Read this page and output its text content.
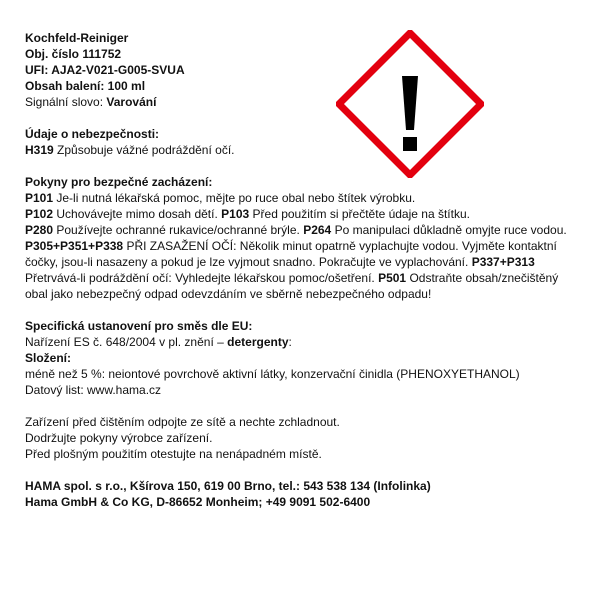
Kochfeld-Reiniger

Obj. číslo 111752

UFI: AJA2-V021-G005-SVUA

Obsah balení: 100 ml

Signální slovo: Varování

Údaje o nebezpečnosti:

H319 Způsobuje vážné podráždění očí.

Pokyny pro bezpečné zacházení:

P101 Je-li nutná lékařská pomoc, mějte po ruce obal nebo štítek výrobku.

P102 Uchovávejte mimo dosah dětí. P103 Před použitím si přečtěte údaje na štítku.

P280 Používejte ochranné rukavice/ochranné brýle. P264 Po manipulaci důkladně omyjte ruce vodou. P305+P351+P338 PŘI ZASAŽENÍ OČÍ: Několik minut opatrně vyplachujte vodou. Vyjměte kontaktní čočky, jsou-li nasazeny a pokud je lze vyjmout snadno. Pokračujte ve vyplachování. P337+P313 Přetrvává-li podráždění očí: Vyhledejte lékařskou pomoc/ošetření. P501 Odstraňte obsah/znečištěný obal jako nebezpečný odpad odevzdáním ve sběrně nebezpečného odpadu!

Specifická ustanovení pro směs dle EU:

Nařízení ES č. 648/2004 v pl. znění – detergenty:

Složení:

méně než 5 %: neiontové povrchově aktivní látky, konzervační činidla (PHENOXYETHANOL)

Datový list: www.hama.cz

Zařízení před čištěním odpojte ze sítě a nechte zchladnout.

Dodržujte pokyny výrobce zařízení.

Před plošným použitím otestujte na nenápadném místě.

HAMA spol. s r.o., Kšírova 150, 619 00 Brno, tel.: 543 538 134 (Infolinka)

Hama GmbH & Co KG, D-86652 Monheim; +49 9091 502-6400
